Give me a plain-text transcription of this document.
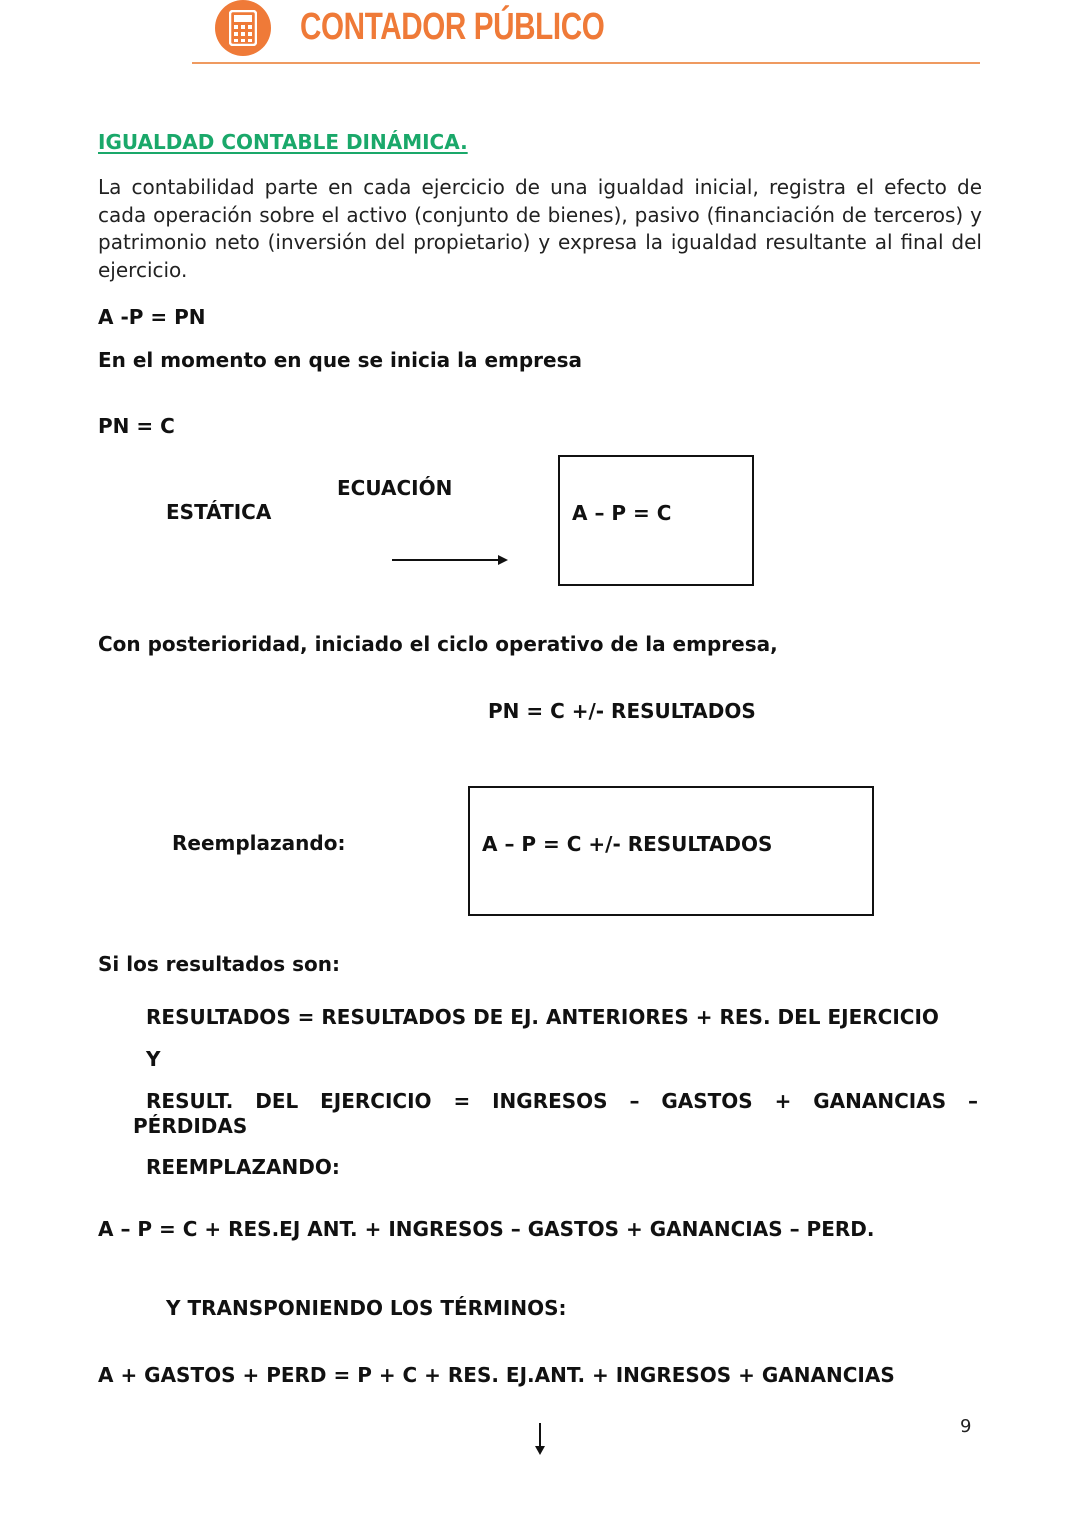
CONTADOR PÚBLICO
IGUALDAD CONTABLE DINÁMICA.
La contabilidad parte en cada ejercicio de una igualdad inicial, registra el efecto de cada operación sobre el activo (conjunto de bienes), pasivo (financiación de terceros) y patrimonio neto (inversión del propietario) y expresa la igualdad resultante al final del ejercicio.
A -P = PN
En el momento en que se inicia la empresa
PN = C
ECUACIÓN
ESTÁTICA	A – P = C
Con posterioridad, iniciado el ciclo operativo de la empresa,
PN = C +/- RESULTADOS
Reemplazando:	A – P = C +/- RESULTADOS
Si los resultados son:
RESULTADOS = RESULTADOS DE EJ. ANTERIORES + RES. DEL EJERCICIO
Y
RESULT. DEL EJERCICIO = INGRESOS – GASTOS + GANANCIAS –
PÉRDIDAS
REEMPLAZANDO:
A – P = C + RES.EJ ANT. + INGRESOS – GASTOS + GANANCIAS – PERD.
Y TRANSPONIENDO LOS TÉRMINOS:
A + GASTOS + PERD = P + C + RES. EJ.ANT. + INGRESOS + GANANCIAS
9
